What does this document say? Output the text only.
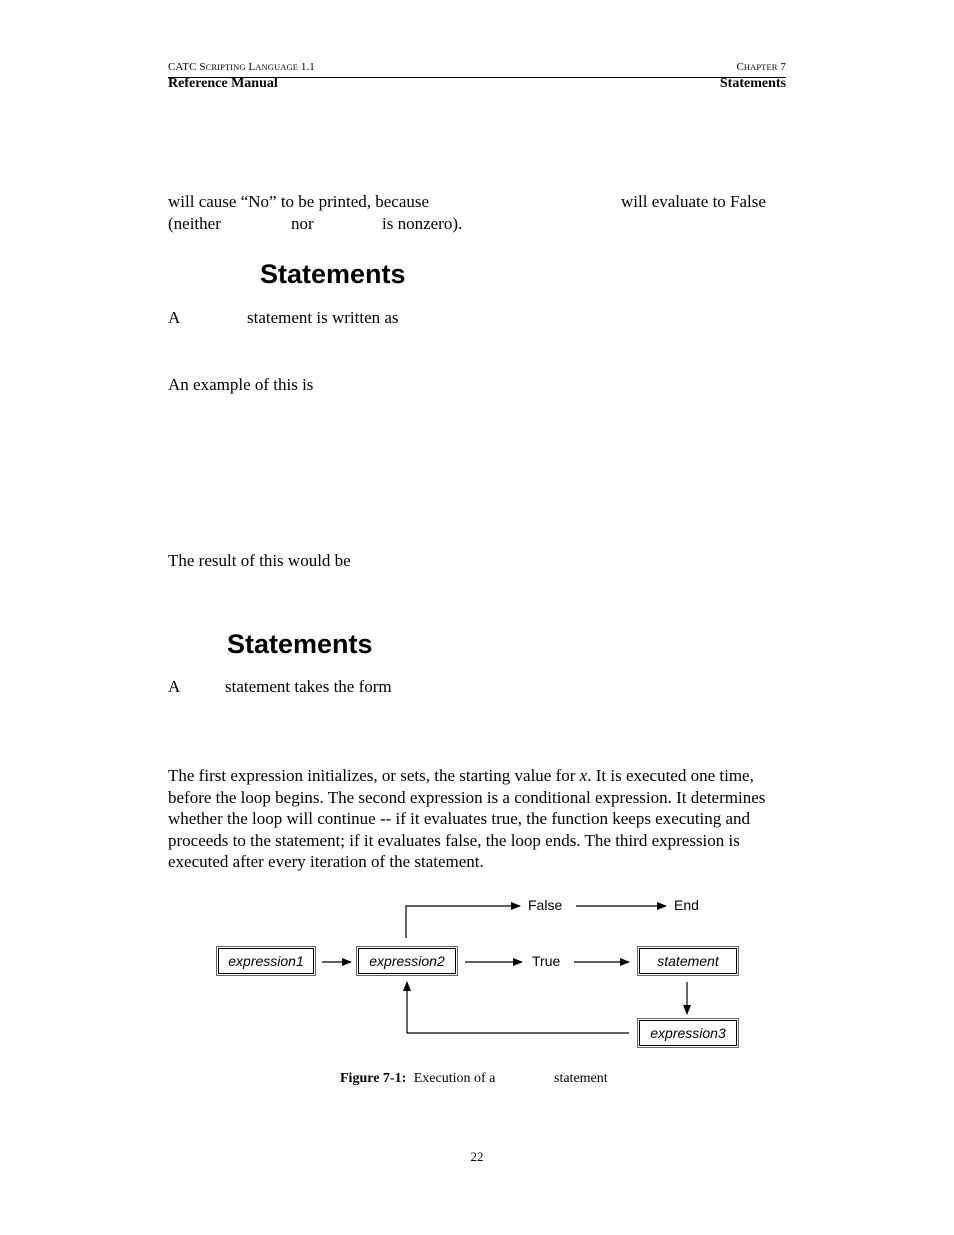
CATC SCRIPTING LANGUAGE 1.1	CHAPTER 7
Reference Manual	Statements
will cause “No” to be printed, because	will evaluate to False
(neither	nor	is nonzero).
Statements
A	statement is written as
An example of this is
The result of this would be
Statements
A	statement takes the form
The first expression initializes, or sets, the starting value for x. It is executed one time, before the loop begins. The second expression is a conditional expression. It determines whether the loop will continue -- if it evaluates true, the function keeps executing and proceeds to the statement; if it evaluates false, the loop ends. The third expression is executed after every iteration of the statement.
expression1	expression2	statement
expression3
False	End
True
Figure 7-1: Execution of a	statement
22
